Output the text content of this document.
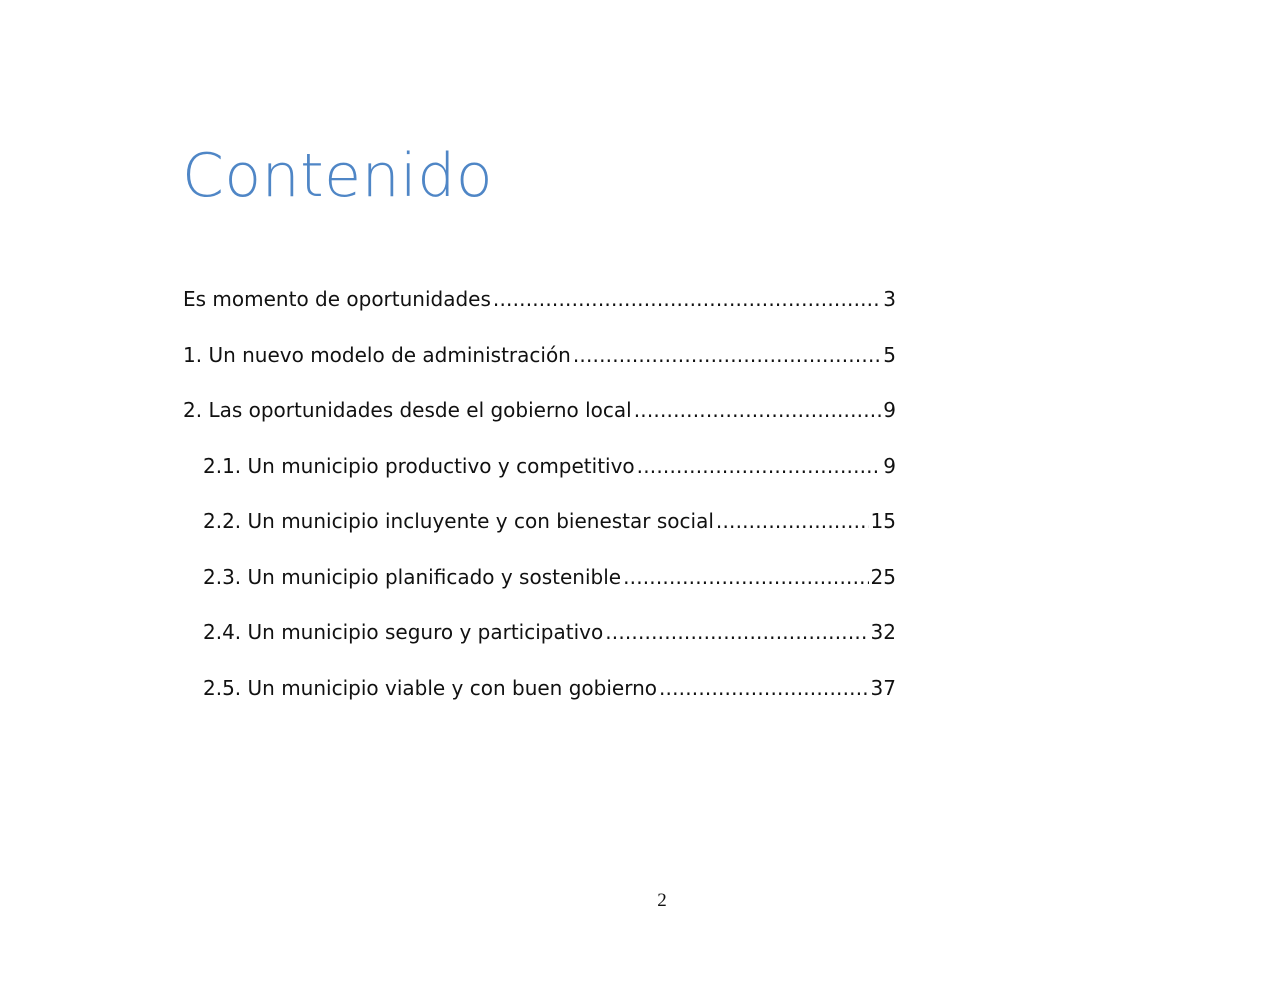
Contenido
Es momento de oportunidades .....	3
1. Un nuevo modelo de administración .....	5
2. Las oportunidades desde el gobierno local .....	9
2.1. Un municipio productivo y competitivo .....	9
2.2. Un municipio incluyente y con bienestar social .....	15
2.3. Un municipio planificado y sostenible .....	25
2.4. Un municipio seguro y participativo .....	32
2.5. Un municipio viable y con buen gobierno .....	37
2
